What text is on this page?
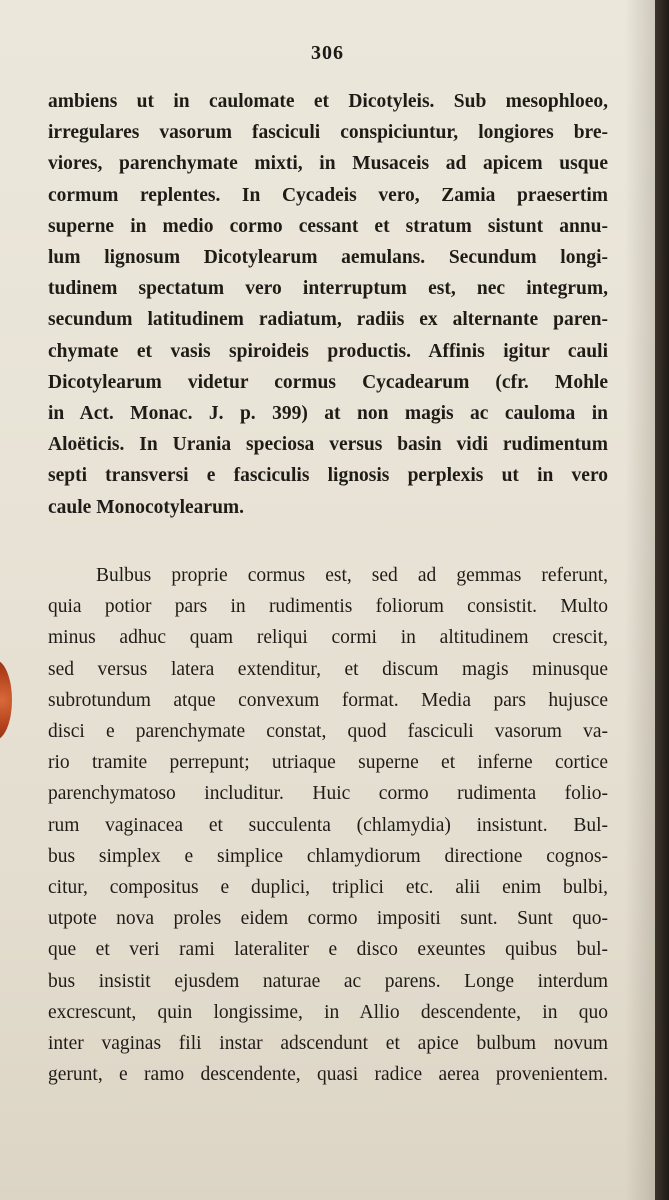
306
ambiens ut in caulomate et Dicotyleis. Sub mesophloeo,
irregulares vasorum fasciculi conspiciuntur, longiores bre-
viores, parenchymate mixti, in Musaceis ad apicem usque
cormum replentes. In Cycadeis vero, Zamia praesertim
superne in medio cormo cessant et stratum sistunt annu-
lum lignosum Dicotylearum aemulans. Secundum longi-
tudinem spectatum vero interruptum est, nec integrum,
secundum latitudinem radiatum, radiis ex alternante paren-
chymate et vasis spiroideis productis. Affinis igitur cauli
Dicotylearum videtur cormus Cycadearum (cfr. Mohle
in Act. Monac. J. p. 399) at non magis ac cauloma in
Aloëticis. In Urania speciosa versus basin vidi rudimentum
septi transversi e fasciculis lignosis perplexis ut in vero
caule Monocotylearum.
Bulbus proprie cormus est, sed ad gemmas referunt,
quia potior pars in rudimentis foliorum consistit. Multo
minus adhuc quam reliqui cormi in altitudinem crescit,
sed versus latera extenditur, et discum magis minusque
subrotundum atque convexum format. Media pars hujusce
disci e parenchymate constat, quod fasciculi vasorum va-
rio tramite perrepunt; utriaque superne et inferne cortice
parenchymatoso includitur. Huic cormo rudimenta folio-
rum vaginacea et succulenta (chlamydia) insistunt. Bul-
bus simplex e simplice chlamydiorum directione cognos-
citur, compositus e duplici, triplici etc. alii enim bulbi,
utpote nova proles eidem cormo impositi sunt. Sunt quo-
que et veri rami lateraliter e disco exeuntes quibus bul-
bus insistit ejusdem naturae ac parens. Longe interdum
excrescunt, quin longissime, in Allio descendente, in quo
inter vaginas fili instar adscendunt et apice bulbum novum
gerunt, e ramo descendente, quasi radice aerea provenientem.
